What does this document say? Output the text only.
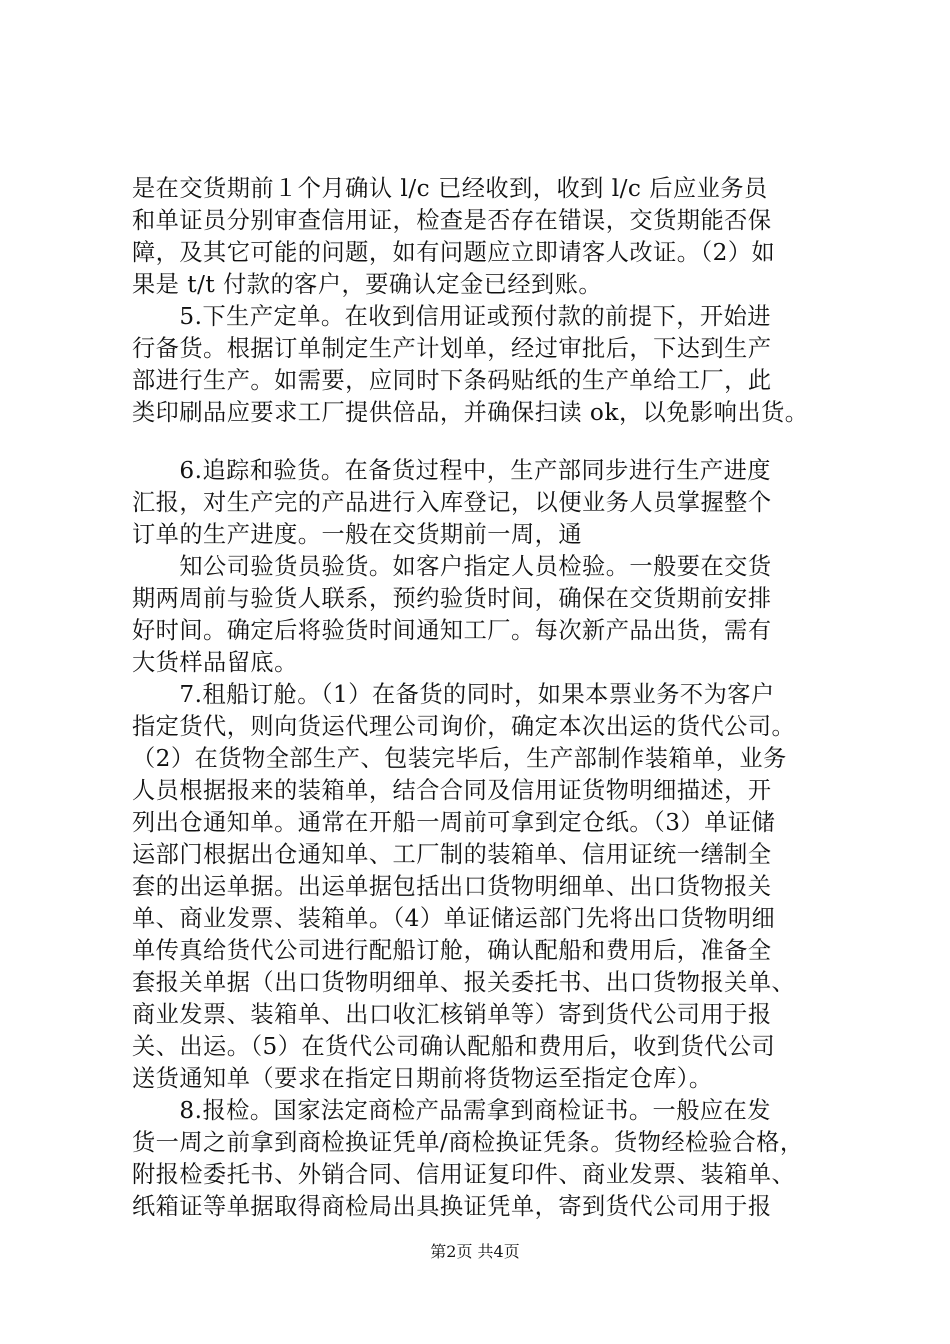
是在交货期前１个月确认 l/c 已经收到，收到 l/c 后应业务员
和单证员分别审查信用证，检查是否存在错误，交货期能否保
障，及其它可能的问题，如有问题应立即请客人改证。（2）如
果是 t/t 付款的客户，要确认定金已经到账。
　　5.下生产定单。在收到信用证或预付款的前提下，开始进
行备货。根据订单制定生产计划单，经过审批后，下达到生产
部进行生产。如需要，应同时下条码贴纸的生产单给工厂，此
类印刷品应要求工厂提供倍品，并确保扫读 ok，以免影响出货。
　　6.追踪和验货。在备货过程中，生产部同步进行生产进度
汇报，对生产完的产品进行入库登记，以便业务人员掌握整个
订单的生产进度。一般在交货期前一周，通
　　知公司验货员验货。如客户指定人员检验。一般要在交货
期两周前与验货人联系，预约验货时间，确保在交货期前安排
好时间。确定后将验货时间通知工厂。每次新产品出货，需有
大货样品留底。
　　7.租船订舱。（1）在备货的同时，如果本票业务不为客户
指定货代，则向货运代理公司询价，确定本次出运的货代公司。
（2）在货物全部生产、包装完毕后，生产部制作装箱单，业务
人员根据报来的装箱单，结合合同及信用证货物明细描述，开
列出仓通知单。通常在开船一周前可拿到定仓纸。（3）单证储
运部门根据出仓通知单、工厂制的装箱单、信用证统一缮制全
套的出运单据。出运单据包括出口货物明细单、出口货物报关
单、商业发票、装箱单。（4）单证储运部门先将出口货物明细
单传真给货代公司进行配船订舱，确认配船和费用后，准备全
套报关单据（出口货物明细单、报关委托书、出口货物报关单、
商业发票、装箱单、出口收汇核销单等）寄到货代公司用于报
关、出运。（5）在货代公司确认配船和费用后，收到货代公司
送货通知单（要求在指定日期前将货物运至指定仓库）。
　　8.报检。国家法定商检产品需拿到商检证书。一般应在发
货一周之前拿到商检换证凭单/商检换证凭条。货物经检验合格，
附报检委托书、外销合同、信用证复印件、商业发票、装箱单、
纸箱证等单据取得商检局出具换证凭单，寄到货代公司用于报
第2页 共4页
